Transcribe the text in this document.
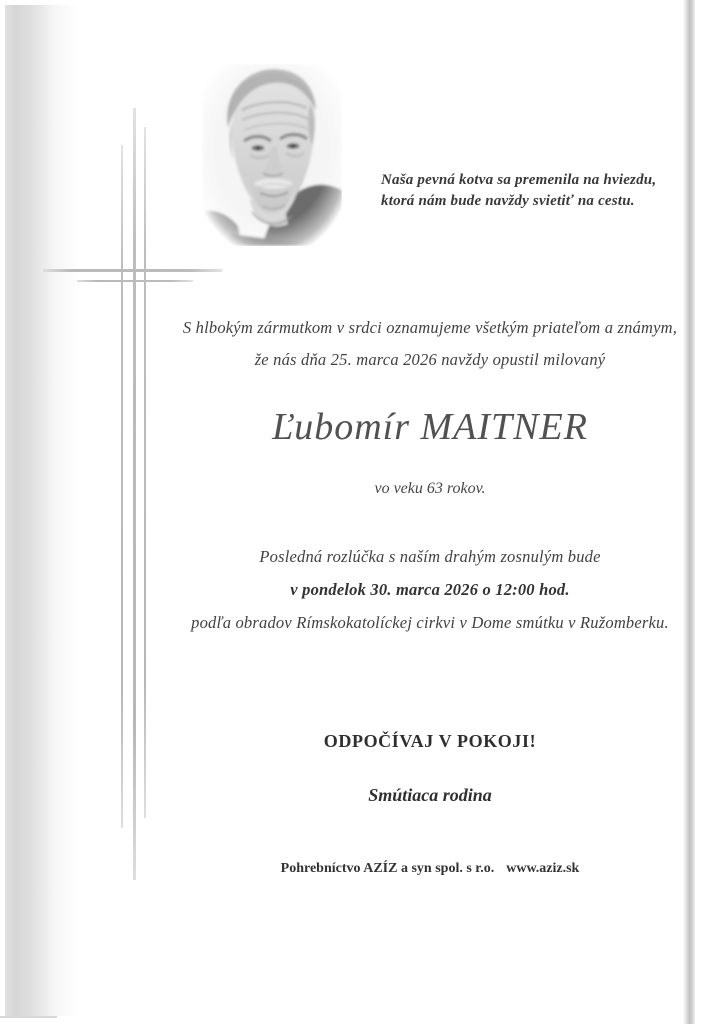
Naša pevná kotva sa premenila na hviezdu,
ktorá nám bude navždy svietiť na cestu.
S hlbokým zármutkom v srdci oznamujeme všetkým priateľom a známym,
že nás dňa 25. marca 2026 navždy opustil milovaný
Ľubomír MAITNER
vo veku 63 rokov.
Posledná rozlúčka s naším drahým zosnulým bude
v pondelok 30. marca 2026 o 12:00 hod.
podľa obradov Rímskokatolíckej cirkvi v Dome smútku v Ružomberku.
ODPOČÍVAJ V POKOJI!
Smútiaca rodina
Pohrebníctvo AZÍZ a syn spol. s r.o. www.aziz.sk
